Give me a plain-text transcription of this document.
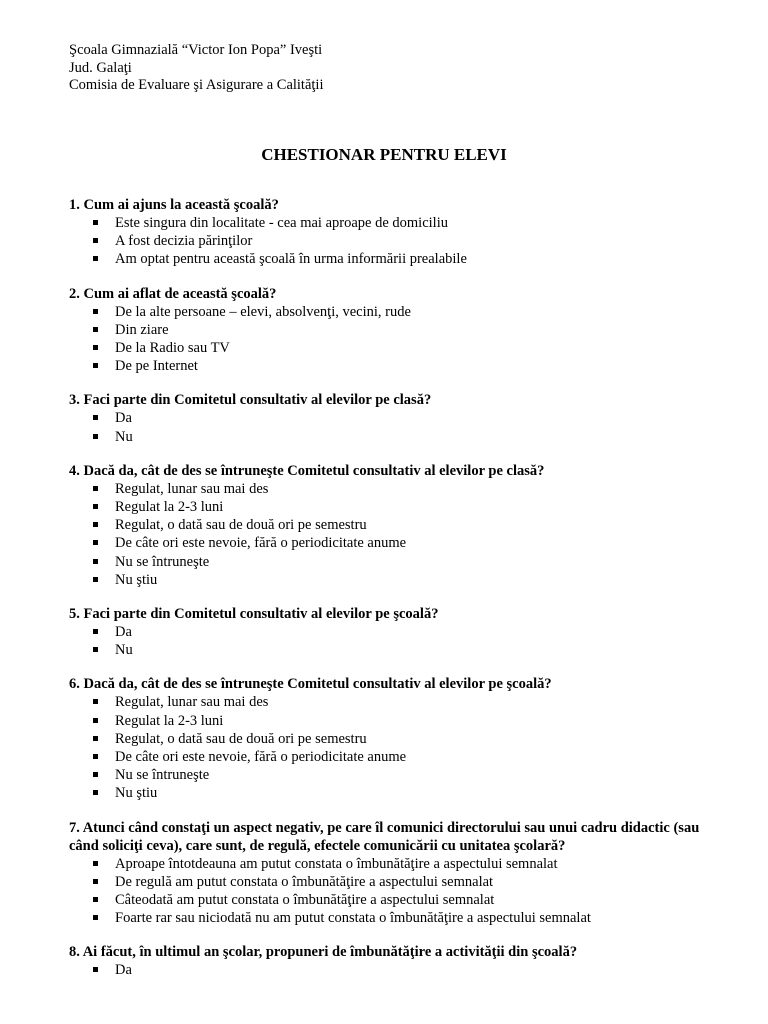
Şcoala Gimnazială “Victor Ion Popa” Iveşti
Jud. Galaţi
Comisia de Evaluare şi Asigurare a Calităţii
CHESTIONAR PENTRU ELEVI
1. Cum ai ajuns la această şcoală?
Este singura din localitate - cea mai aproape de domiciliu
A fost decizia părinţilor
Am optat pentru această şcoală în urma informării prealabile
2. Cum ai aflat de această şcoală?
De la alte persoane – elevi, absolvenţi, vecini, rude
Din ziare
De la Radio sau TV
De pe Internet
3. Faci parte din Comitetul consultativ al elevilor pe clasă?
Da
Nu
4. Dacă da, cât de des se întruneşte Comitetul consultativ al elevilor pe clasă?
Regulat, lunar sau mai des
Regulat la 2-3 luni
Regulat, o dată sau de două ori pe semestru
De câte ori este nevoie, fără o periodicitate anume
Nu se întruneşte
Nu ştiu
5. Faci parte din Comitetul consultativ al elevilor pe şcoală?
Da
Nu
6. Dacă da, cât de des se întruneşte Comitetul consultativ al elevilor pe şcoală?
Regulat, lunar sau mai des
Regulat la 2-3 luni
Regulat, o dată sau de două ori pe semestru
De câte ori este nevoie, fără o periodicitate anume
Nu se întruneşte
Nu ştiu
7. Atunci când constaţi un aspect negativ, pe care îl comunici directorului sau unui cadru didactic (sau când soliciţi ceva), care sunt, de regulă, efectele comunicării cu unitatea şcolară?
Aproape întotdeauna am putut constata o îmbunătăţire a aspectului semnalat
De regulă am putut constata o îmbunătăţire a aspectului semnalat
Câteodată am putut constata o îmbunătăţire a aspectului semnalat
Foarte rar sau niciodată nu am putut constata o îmbunătăţire a aspectului semnalat
8. Ai făcut, în ultimul an şcolar, propuneri de îmbunătăţire a activităţii din şcoală?
Da
